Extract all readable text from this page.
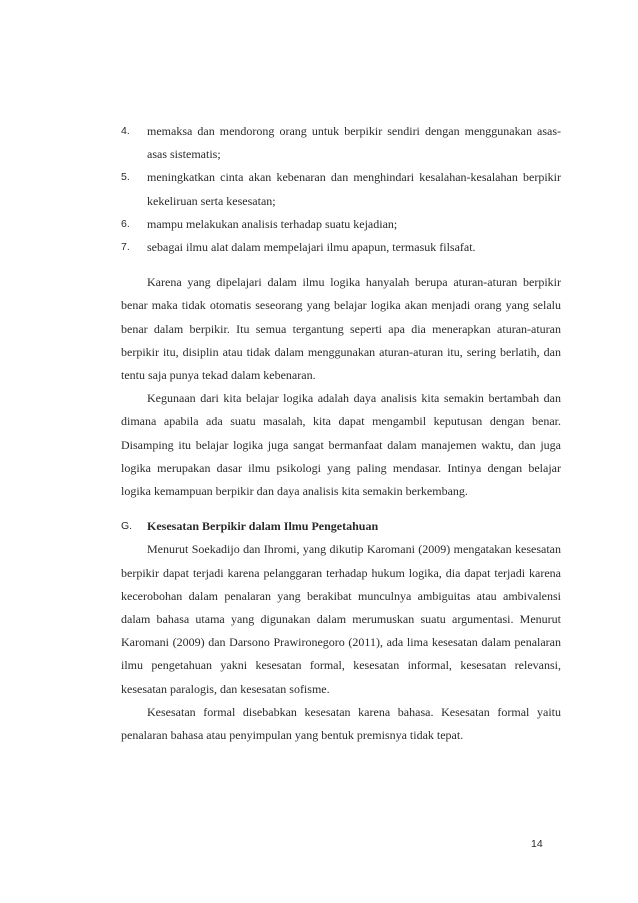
4. memaksa dan mendorong orang untuk berpikir sendiri dengan menggunakan asas-asas sistematis;
5. meningkatkan cinta akan kebenaran dan menghindari kesalahan-kesalahan berpikir kekeliruan serta kesesatan;
6. mampu melakukan analisis terhadap suatu kejadian;
7. sebagai ilmu alat dalam mempelajari ilmu apapun, termasuk filsafat.

Karena yang dipelajari dalam ilmu logika hanyalah berupa aturan-aturan berpikir benar maka tidak otomatis seseorang yang belajar logika akan menjadi orang yang selalu benar dalam berpikir. Itu semua tergantung seperti apa dia menerapkan aturan-aturan berpikir itu, disiplin atau tidak dalam menggunakan aturan-aturan itu, sering berlatih, dan tentu saja punya tekad dalam kebenaran.

Kegunaan dari kita belajar logika adalah daya analisis kita semakin bertambah dan dimana apabila ada suatu masalah, kita dapat mengambil keputusan dengan benar. Disamping itu belajar logika juga sangat bermanfaat dalam manajemen waktu, dan juga logika merupakan dasar ilmu psikologi yang paling mendasar. Intinya dengan belajar logika kemampuan berpikir dan daya analisis kita semakin berkembang.

G. Kesesatan Berpikir dalam Ilmu Pengetahuan

Menurut Soekadijo dan Ihromi, yang dikutip Karomani (2009) mengatakan kesesatan berpikir dapat terjadi karena pelanggaran terhadap hukum logika, dia dapat terjadi karena kecerobohan dalam penalaran yang berakibat munculnya ambiguitas atau ambivalensi dalam bahasa utama yang digunakan dalam merumuskan suatu argumentasi. Menurut Karomani (2009) dan Darsono Prawironegoro (2011), ada lima kesesatan dalam penalaran ilmu pengetahuan yakni kesesatan formal, kesesatan informal, kesesatan relevansi, kesesatan paralogis, dan kesesatan sofisme.

Kesesatan formal disebabkan kesesatan karena bahasa. Kesesatan formal yaitu penalaran bahasa atau penyimpulan yang bentuk premisnya tidak tepat.

14
